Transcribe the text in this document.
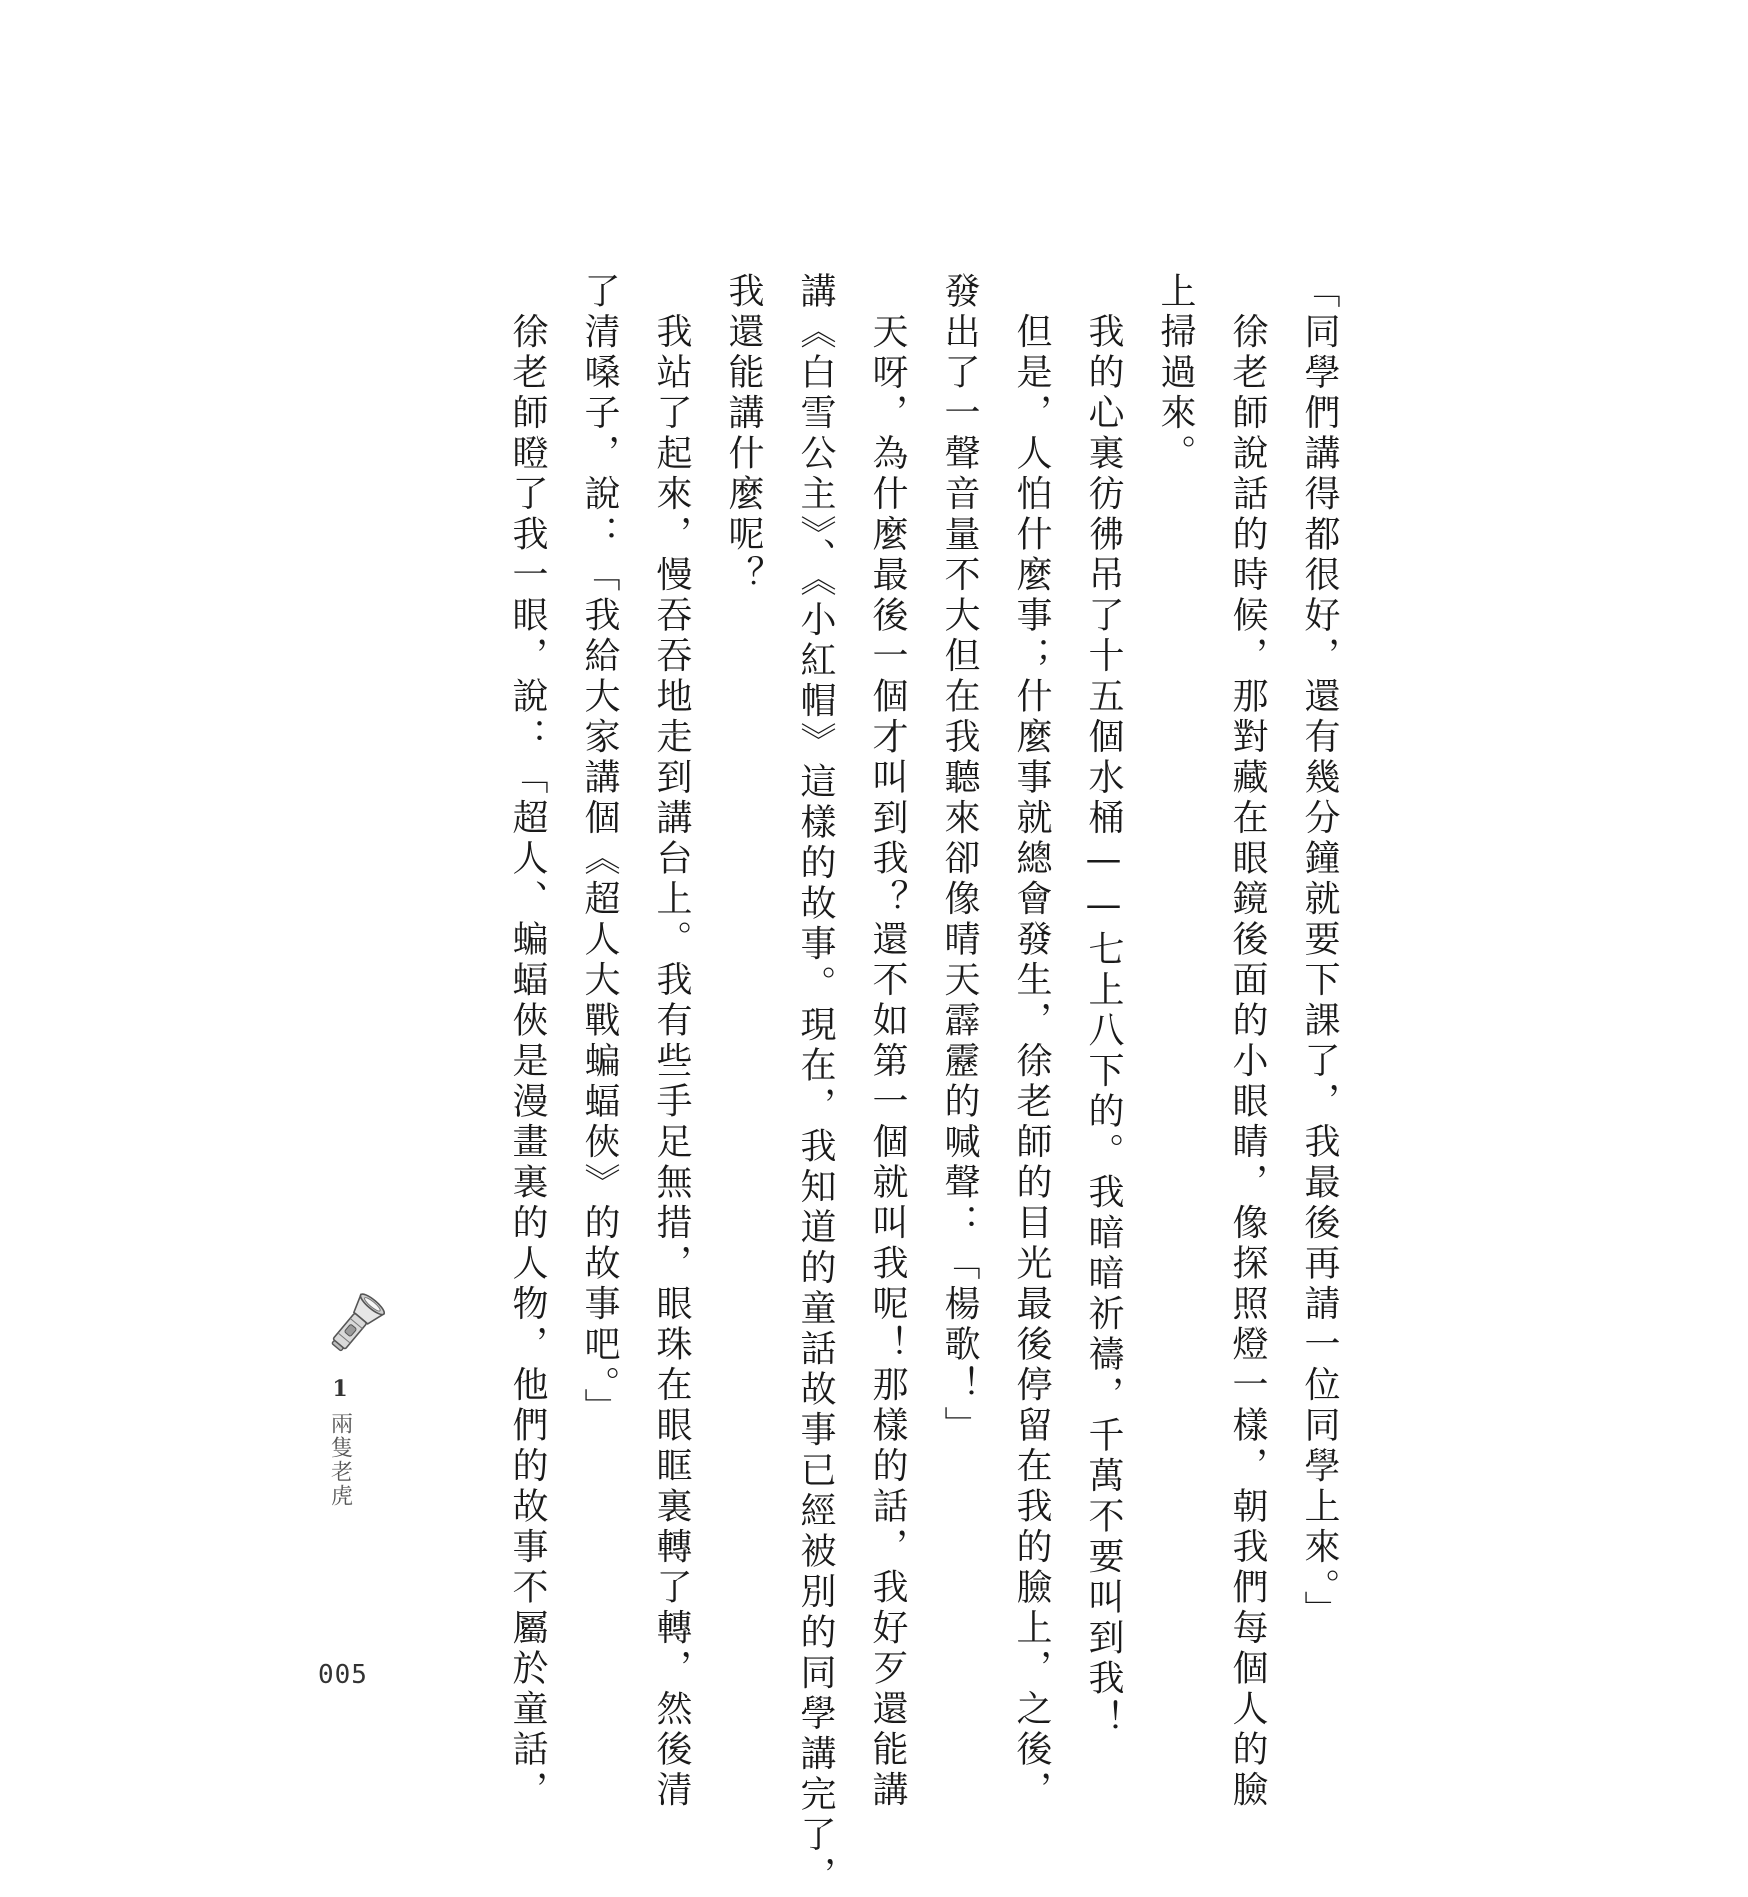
「同學們講得都很好，還有幾分鐘就要下課了，我最後再請一位同學上來。」

　徐老師說話的時候，那對藏在眼鏡後面的小眼睛，像探照燈一樣，朝我們每個人的臉

上掃過來。

　我的心裏彷彿吊了十五個水桶——七上八下的。我暗暗祈禱，千萬不要叫到我！

　但是，人怕什麼事；什麼事就總會發生，徐老師的目光最後停留在我的臉上，之後，

發出了一聲音量不大但在我聽來卻像晴天霹靂的喊聲：「楊歌！」

　天呀，為什麼最後一個才叫到我？還不如第一個就叫我呢！那樣的話，我好歹還能講

講《白雪公主》、《小紅帽》這樣的故事。現在，我知道的童話故事已經被別的同學講完了，

我還能講什麼呢？

　我站了起來，慢吞吞地走到講台上。我有些手足無措，眼珠在眼眶裏轉了轉，然後清

了清嗓子，說：「我給大家講個《超人大戰蝙蝠俠》的故事吧。」

　徐老師瞪了我一眼，說：「超人、蝙蝠俠是漫畫裏的人物，他們的故事不屬於童話，

1
兩隻老虎
005
